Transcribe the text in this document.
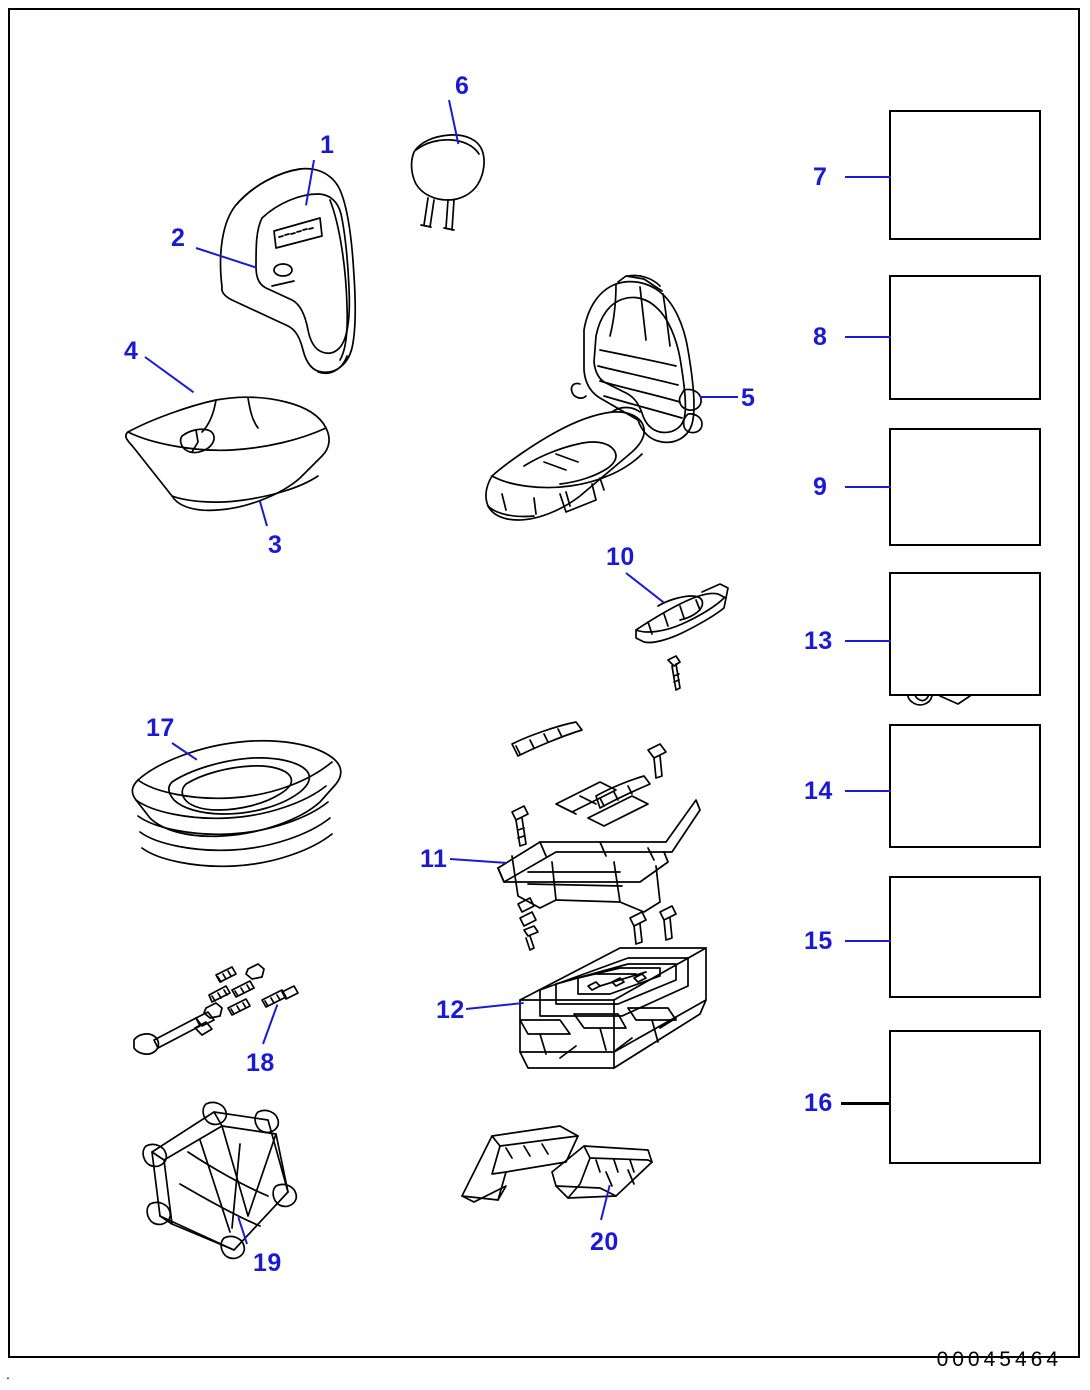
1
2
3
4
5
6
7
8
9
10
11
12
13
14
15
16
17
18
19
20
00045464
.
